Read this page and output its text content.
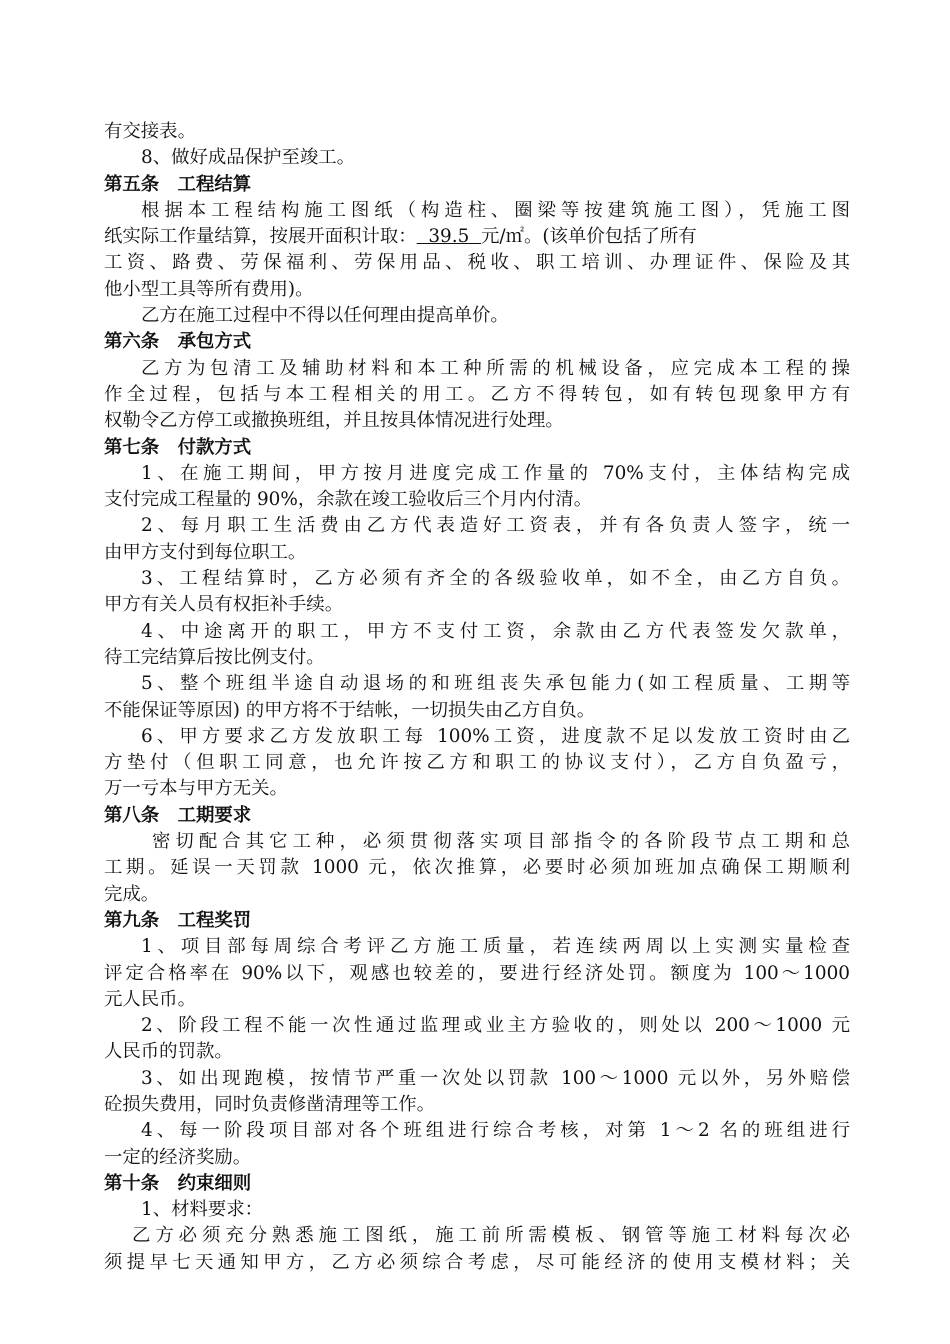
有交接表。
8、做好成品保护至竣工。
第五条　工程结算
根据本工程结构施工图纸（构造柱、圈梁等按建筑施工图），凭施工图
纸实际工作量结算，按展开面积计取：  39.5  元/㎡。(该单价包括了所有
工资、路费、劳保福利、劳保用品、税收、职工培训、办理证件、保险及其
他小型工具等所有费用)。
乙方在施工过程中不得以任何理由提高单价。
第六条　承包方式
乙方为包清工及辅助材料和本工种所需的机械设备，应完成本工程的操
作全过程，包括与本工程相关的用工。乙方不得转包，如有转包现象甲方有
权勒令乙方停工或撤换班组，并且按具体情况进行处理。
第七条　付款方式
1、在施工期间，甲方按月进度完成工作量的 70%支付，主体结构完成
支付完成工程量的 90%，余款在竣工验收后三个月内付清。
2、每月职工生活费由乙方代表造好工资表，并有各负责人签字，统一
由甲方支付到每位职工。
3、工程结算时，乙方必须有齐全的各级验收单，如不全，由乙方自负。
甲方有关人员有权拒补手续。
4、中途离开的职工，甲方不支付工资，余款由乙方代表签发欠款单，
待工完结算后按比例支付。
5、整个班组半途自动退场的和班组丧失承包能力(如工程质量、工期等
不能保证等原因) 的甲方将不于结帐，一切损失由乙方自负。
6、甲方要求乙方发放职工每 100%工资，进度款不足以发放工资时由乙
方垫付（但职工同意，也允许按乙方和职工的协议支付），乙方自负盈亏，
万一亏本与甲方无关。
第八条　工期要求
密切配合其它工种，必须贯彻落实项目部指令的各阶段节点工期和总
工期。延误一天罚款 1000 元，依次推算，必要时必须加班加点确保工期顺利
完成。
第九条　工程奖罚
1、项目部每周综合考评乙方施工质量，若连续两周以上实测实量检查
评定合格率在 90%以下，观感也较差的，要进行经济处罚。额度为 100～1000
元人民币。
2、阶段工程不能一次性通过监理或业主方验收的，则处以 200～1000 元
人民币的罚款。
3、如出现跑模，按情节严重一次处以罚款 100～1000 元以外，另外赔偿
砼损失费用，同时负责修凿清理等工作。
4、每一阶段项目部对各个班组进行综合考核，对第 1～2 名的班组进行
一定的经济奖励。
第十条　约束细则
1、材料要求：
乙方必须充分熟悉施工图纸，施工前所需模板、钢管等施工材料每次必
须提早七天通知甲方，乙方必须综合考虑，尽可能经济的使用支模材料；关
